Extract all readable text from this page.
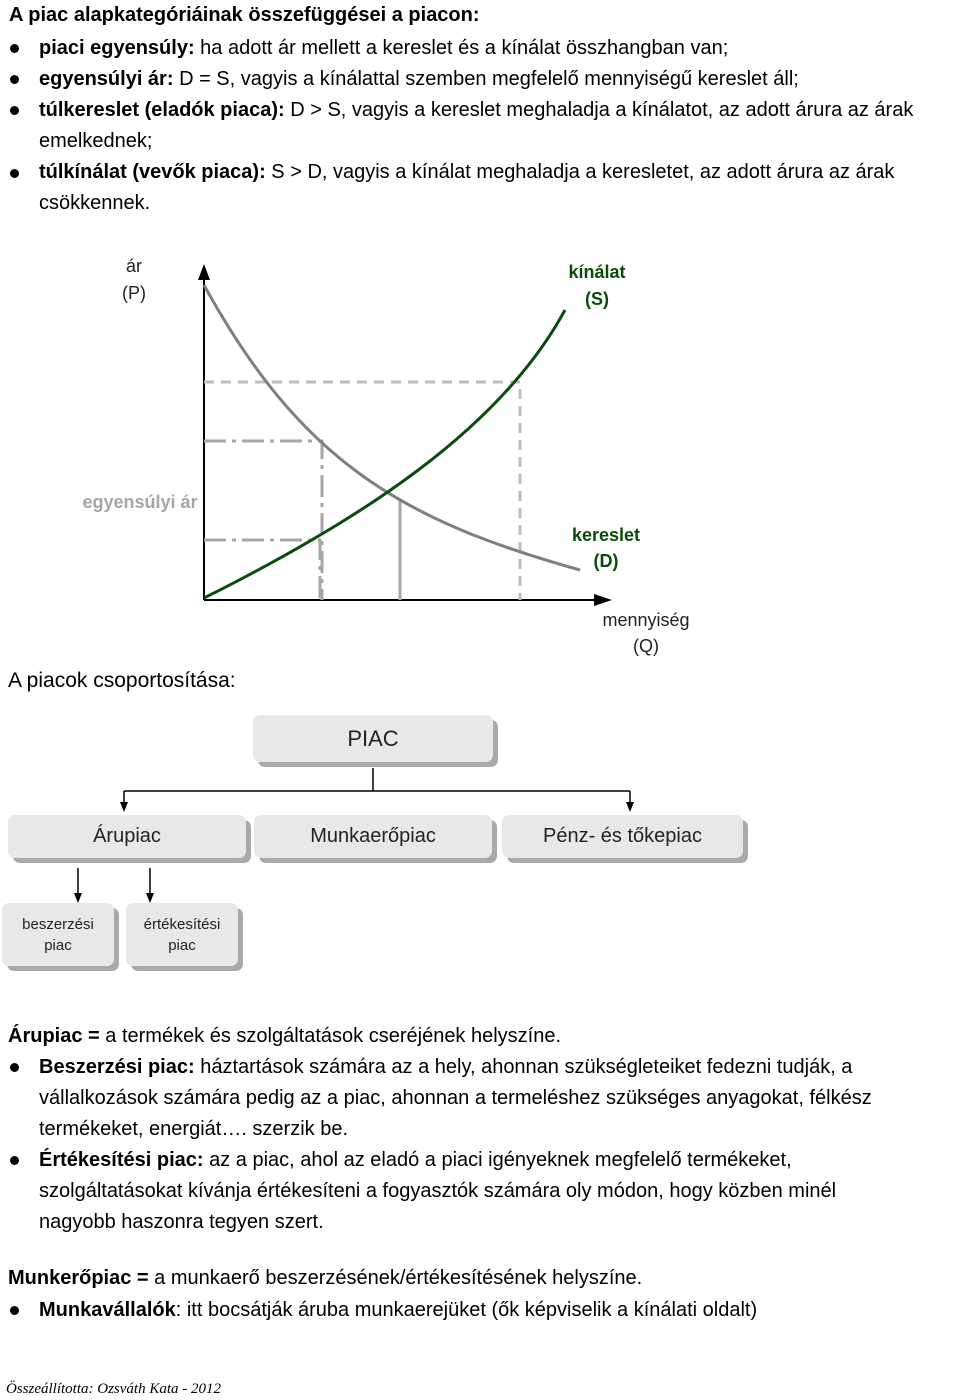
A piac alapkategóriáinak összefüggései a piacon:
piaci egyensúly: ha adott ár mellett a kereslet és a kínálat összhangban van;
egyensúlyi ár: D = S, vagyis a kínálattal szemben megfelelő mennyiségű kereslet áll;
túlkereslet (eladók piaca): D > S, vagyis a kereslet meghaladja a kínálatot, az adott árura az árak emelkednek;
túlkínálat (vevők piaca): S > D, vagyis a kínálat meghaladja a keresletet, az adott árura az árak csökkennek.
ár
(P)
kínálat
(S)
egyensúlyi ár
kereslet
(D)
mennyiség
(Q)
A piacok csoportosítása:
PIAC
Árupiac	Munkaerőpiac	Pénz- és tőkepiac
beszerzési
piac
értékesítési
piac
Árupiac = a termékek és szolgáltatások cseréjének helyszíne.
Beszerzési piac: háztartások számára az a hely, ahonnan szükségleteiket fedezni tudják, a vállalkozások számára pedig az a piac, ahonnan a termeléshez szükséges anyagokat, félkész termékeket, energiát…. szerzik be.
Értékesítési piac: az a piac, ahol az eladó a piaci igényeknek megfelelő termékeket, szolgáltatásokat kívánja értékesíteni a fogyasztók számára oly módon, hogy közben minél nagyobb haszonra tegyen szert.
Munkerőpiac = a munkaerő beszerzésének/értékesítésének helyszíne.
Munkavállalók: itt bocsátják áruba munkaerejüket (ők képviselik a kínálati oldalt)
Összeállította: Ozsváth Kata - 2012
